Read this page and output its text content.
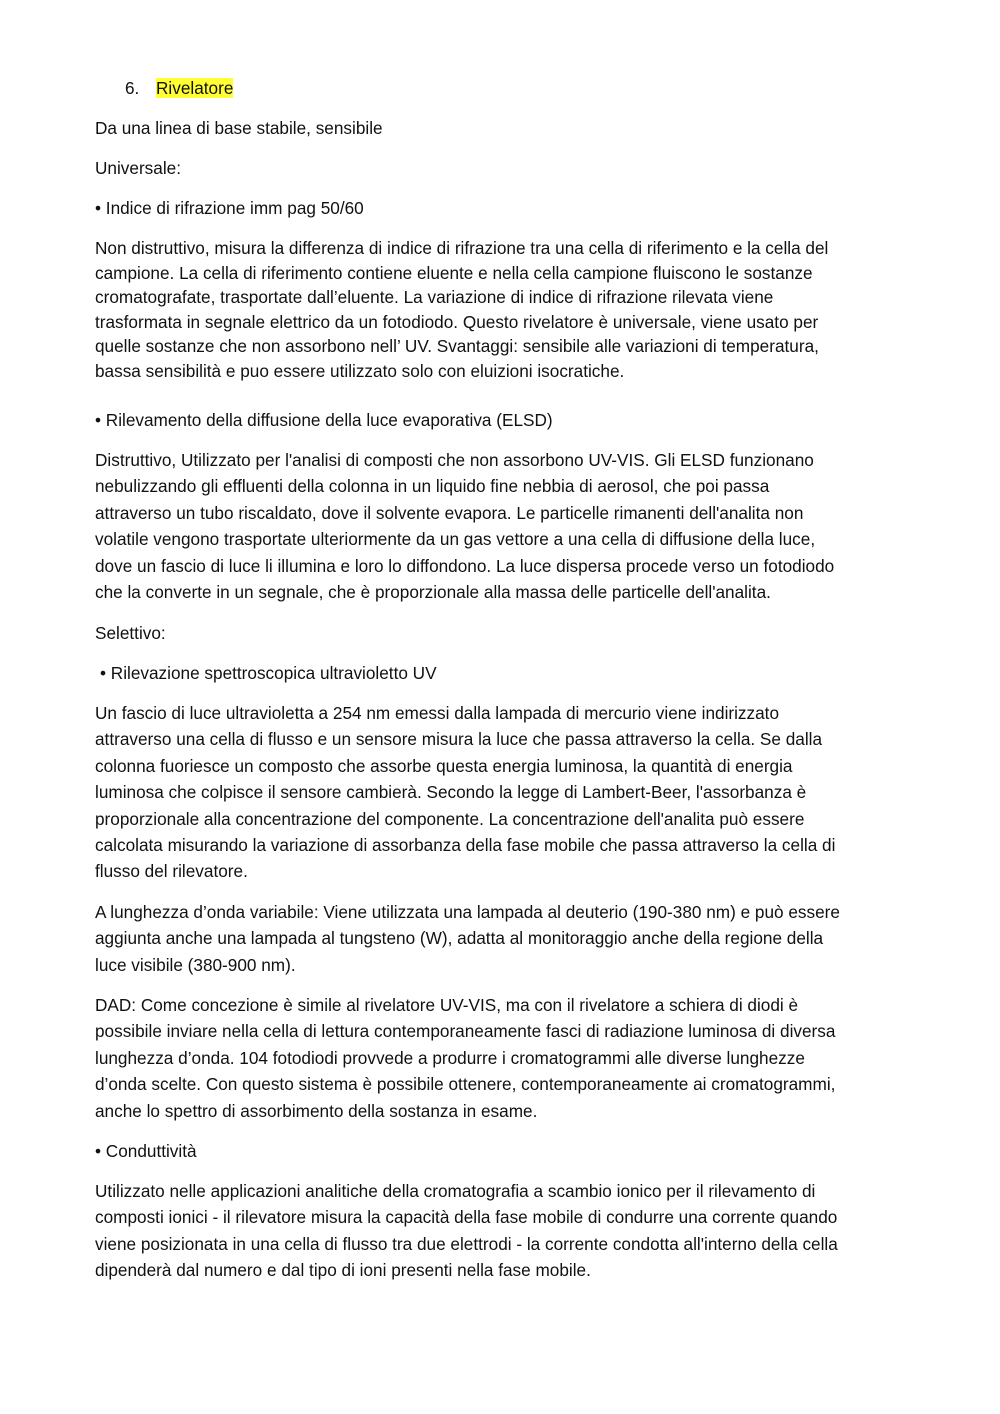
6. Rivelatore
Da una linea di base stabile, sensibile
Universale:
• Indice di rifrazione imm pag 50/60
Non distruttivo, misura la differenza di indice di rifrazione tra una cella di riferimento e la cella del
campione. La cella di riferimento contiene eluente e nella cella campione fluiscono le sostanze
cromatografate, trasportate dall’eluente. La variazione di indice di rifrazione rilevata viene
trasformata in segnale elettrico da un fotodiodo. Questo rivelatore è universale, viene usato per
quelle sostanze che non assorbono nell’ UV. Svantaggi: sensibile alle variazioni di temperatura,
bassa sensibilità e puo essere utilizzato solo con eluizioni isocratiche.
• Rilevamento della diffusione della luce evaporativa (ELSD)
Distruttivo, Utilizzato per l'analisi di composti che non assorbono UV-VIS. Gli ELSD funzionano
nebulizzando gli effluenti della colonna in un liquido fine nebbia di aerosol, che poi passa
attraverso un tubo riscaldato, dove il solvente evapora. Le particelle rimanenti dell'analita non
volatile vengono trasportate ulteriormente da un gas vettore a una cella di diffusione della luce,
dove un fascio di luce li illumina e loro lo diffondono. La luce dispersa procede verso un fotodiodo
che la converte in un segnale, che è proporzionale alla massa delle particelle dell'analita.
Selettivo:
• Rilevazione spettroscopica ultravioletto UV
Un fascio di luce ultravioletta a 254 nm emessi dalla lampada di mercurio viene indirizzato
attraverso una cella di flusso e un sensore misura la luce che passa attraverso la cella. Se dalla
colonna fuoriesce un composto che assorbe questa energia luminosa, la quantità di energia
luminosa che colpisce il sensore cambierà. Secondo la legge di Lambert-Beer, l'assorbanza è
proporzionale alla concentrazione del componente. La concentrazione dell'analita può essere
calcolata misurando la variazione di assorbanza della fase mobile che passa attraverso la cella di
flusso del rilevatore.
A lunghezza d’onda variabile: Viene utilizzata una lampada al deuterio (190-380 nm) e può essere
aggiunta anche una lampada al tungsteno (W), adatta al monitoraggio anche della regione della
luce visibile (380-900 nm).
DAD: Come concezione è simile al rivelatore UV-VIS, ma con il rivelatore a schiera di diodi è
possibile inviare nella cella di lettura contemporaneamente fasci di radiazione luminosa di diversa
lunghezza d’onda. 104 fotodiodi provvede a produrre i cromatogrammi alle diverse lunghezze
d’onda scelte. Con questo sistema è possibile ottenere, contemporaneamente ai cromatogrammi,
anche lo spettro di assorbimento della sostanza in esame.
• Conduttività
Utilizzato nelle applicazioni analitiche della cromatografia a scambio ionico per il rilevamento di
composti ionici - il rilevatore misura la capacità della fase mobile di condurre una corrente quando
viene posizionata in una cella di flusso tra due elettrodi - la corrente condotta all'interno della cella
dipenderà dal numero e dal tipo di ioni presenti nella fase mobile.
